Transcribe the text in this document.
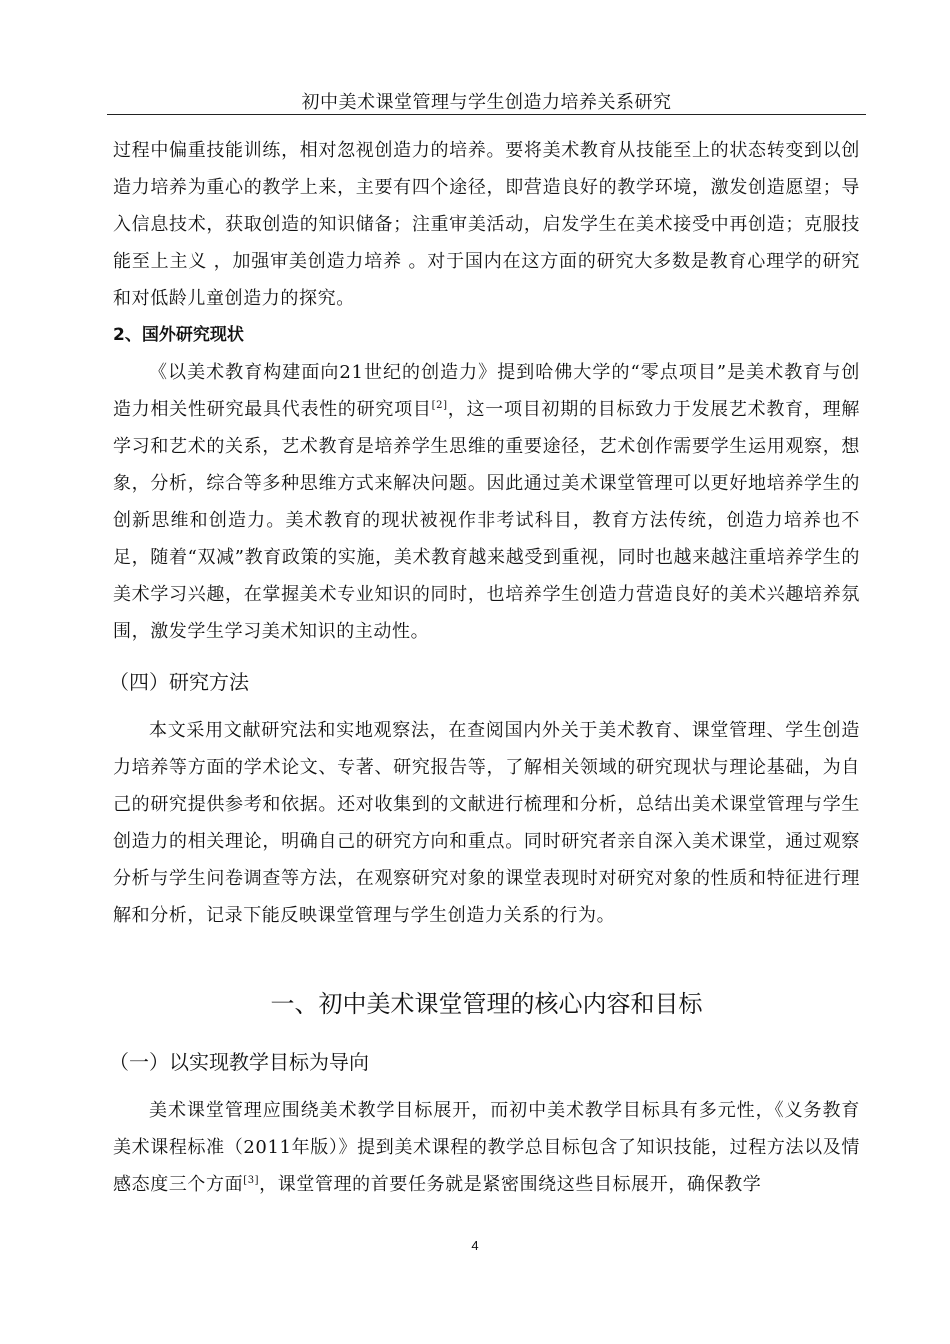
初中美术课堂管理与学生创造力培养关系研究

过程中偏重技能训练，相对忽视创造力的培养。要将美术教育从技能至上的状态转变到以创造力培养为重心的教学上来，主要有四个途径，即营造良好的教学环境，激发创造愿望；导入信息技术，获取创造的知识储备；注重审美活动，启发学生在美术接受中再创造；克服技能至上主义 ，加强审美创造力培养 。对于国内在这方面的研究大多数是教育心理学的研究和对低龄儿童创造力的探究。

2、国外研究现状

《以美术教育构建面向21世纪的创造力》提到哈佛大学的“零点项目”是美术教育与创造力相关性研究最具代表性的研究项目[2]，这一项目初期的目标致力于发展艺术教育，理解学习和艺术的关系，艺术教育是培养学生思维的重要途径，艺术创作需要学生运用观察，想象，分析，综合等多种思维方式来解决问题。因此通过美术课堂管理可以更好地培养学生的创新思维和创造力。美术教育的现状被视作非考试科目，教育方法传统，创造力培养也不足，随着“双减”教育政策的实施，美术教育越来越受到重视，同时也越来越注重培养学生的美术学习兴趣，在掌握美术专业知识的同时，也培养学生创造力营造良好的美术兴趣培养氛围，激发学生学习美术知识的主动性。

（四）研究方法

本文采用文献研究法和实地观察法，在查阅国内外关于美术教育、课堂管理、学生创造力培养等方面的学术论文、专著、研究报告等，了解相关领域的研究现状与理论基础，为自己的研究提供参考和依据。还对收集到的文献进行梳理和分析，总结出美术课堂管理与学生创造力的相关理论，明确自己的研究方向和重点。同时研究者亲自深入美术课堂，通过观察分析与学生问卷调查等方法，在观察研究对象的课堂表现时对研究对象的性质和特征进行理解和分析，记录下能反映课堂管理与学生创造力关系的行为。

一、初中美术课堂管理的核心内容和目标
（一）以实现教学目标为导向

美术课堂管理应围绕美术教学目标展开，而初中美术教学目标具有多元性，《义务教育美术课程标准（2011年版）》提到美术课程的教学总目标包含了知识技能，过程方法以及情感态度三个方面[3]，课堂管理的首要任务就是紧密围绕这些目标展开，确保教学

4
